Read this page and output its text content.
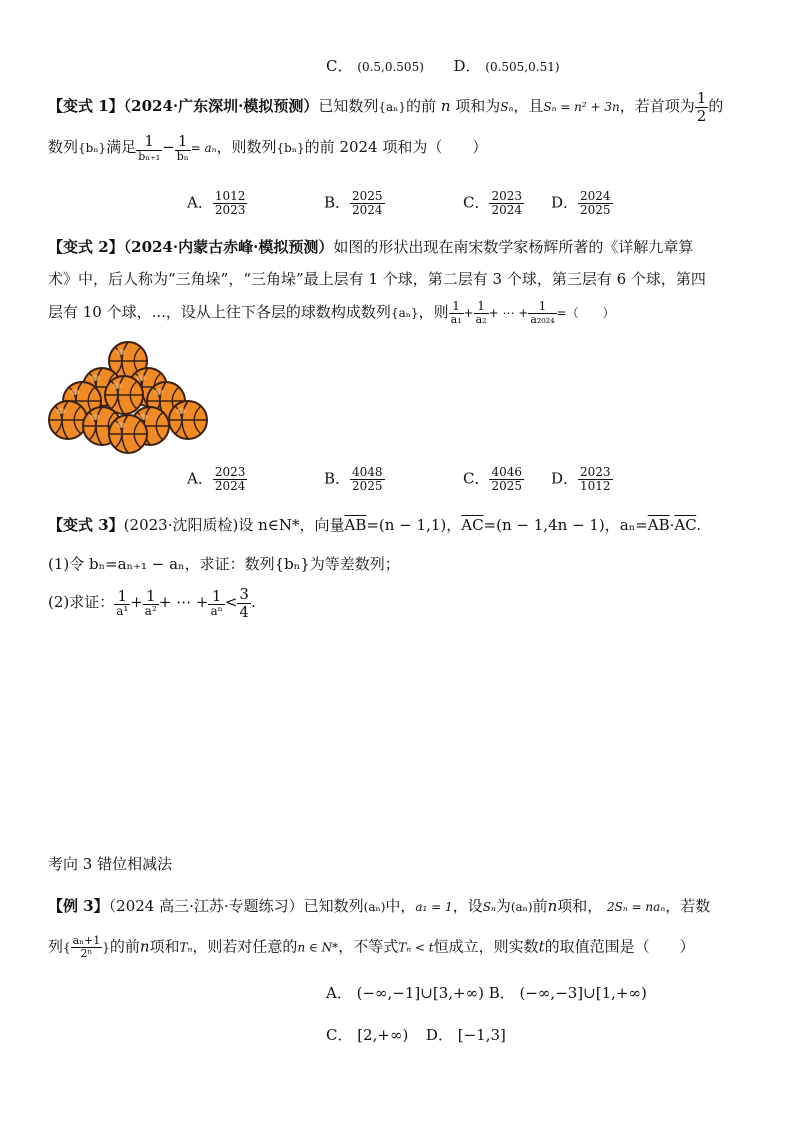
C． (0.5,0.505) D． (0.505,0.51)
【变式 1】（2024·广东深圳·模拟预测）已知数列{aₙ}的前 n 项和为Sₙ，且Sₙ = n² + 3n，若首项为 $\frac{1}{2}$ 的
数列{bₙ}满足 $\frac{1}{\text{bₙ₊₁}} - \frac{1}{\text{bₙ}} = a_n$，则数列{bₙ}的前 2024 项和为（　　）
A． $\frac{1012}{2023}$	B． $\frac{2025}{2024}$	C． $\frac{2023}{2024}$ D． $\frac{2024}{2025}$
【变式 2】（2024·内蒙古赤峰·模拟预测）如图的形状出现在南宋数学家杨辉所著的《详解九章算
术》中，后人称为“三角垛”，“三角垛”最上层有 1 个球，第二层有 3 个球，第三层有 6 个球，第四
层有 10 个球，...，设从上往下各层的球数构成数列{aₙ}，则 $\frac{1}{\text{a₁}} + \frac{1}{\text{a₂}}$ + ⋯ + $\frac{1}{\text{a₂₀₂₄}}$ =（　　）
A． $\frac{2023}{2024}$	B． $\frac{4048}{2025}$	C． $\frac{4046}{2025}$ D． $\frac{2023}{1012}$
【变式 3】(2023·沈阳质检)设 n∈N*，向量$\overline{AB}=(n - 1,1)$，$\overline{AC}=(n - 1,4n - 1)$，$a_n=\overline{AB}\cdot\overline{AC}$.
(1)令 bₙ=aₙ₊₁ − aₙ，求证：数列{bₙ}为等差数列；
(2)求证： $\frac{1}{\text{a¹}} + \frac{1}{\text{a²}}$ + ⋯ + $\frac{1}{\text{aⁿ}} < \frac{3}{4}$ .
考向 3 错位相减法
【例 3】（2024 高三·江苏·专题练习）已知数列(aₙ)中，a₁ = 1，设Sₙ为(aₙ)前n项和， 2Sₙ = naₙ，若数
列{ $\frac{\text{aₙ+1}}{\text{2ⁿ}}$ }的前n项和Tₙ，则若对任意的n ∈ N*，不等式Tₙ < t恒成立，则实数t的取值范围是（　　）
A． (−∞,−1]∪[3,+∞) B． (−∞,−3]∪[1,+∞)
C． [2,+∞) D． [−1,3]
